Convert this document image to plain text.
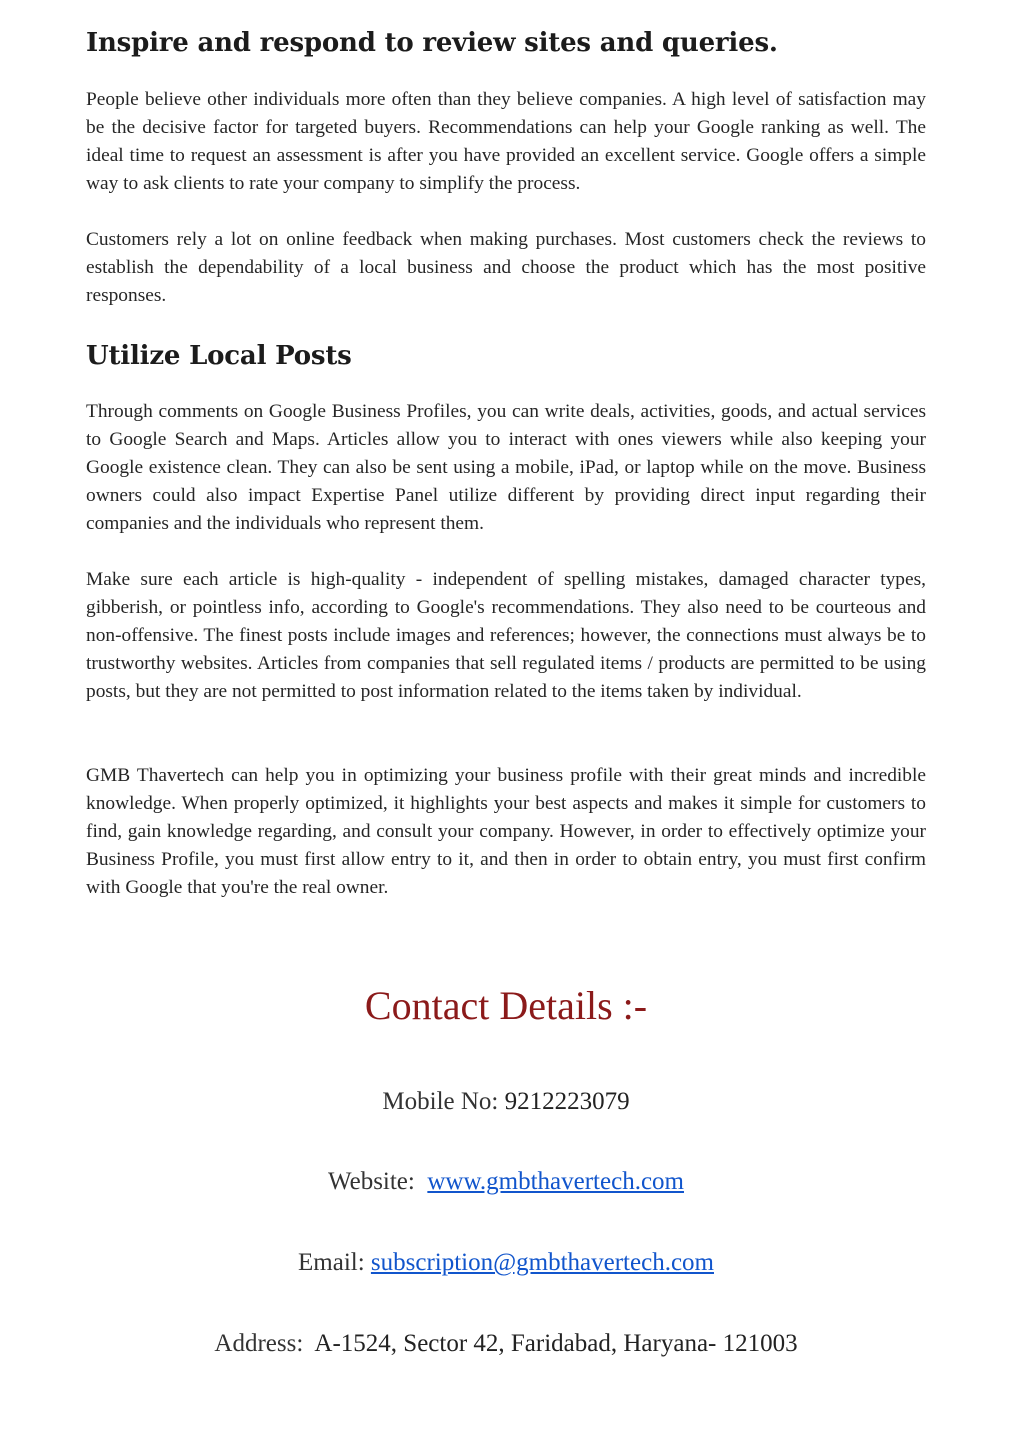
Inspire and respond to review sites and queries.

People believe other individuals more often than they believe companies. A high level of satisfaction may be the decisive factor for targeted buyers. Recommendations can help your Google ranking as well. The ideal time to request an assessment is after you have provided an excellent service. Google offers a simple way to ask clients to rate your company to simplify the process.

Customers rely a lot on online feedback when making purchases. Most customers check the reviews to establish the dependability of a local business and choose the product which has the most positive responses.

Utilize Local Posts

Through comments on Google Business Profiles, you can write deals, activities, goods, and actual services to Google Search and Maps. Articles allow you to interact with ones viewers while also keeping your Google existence clean. They can also be sent using a mobile, iPad, or laptop while on the move. Business owners could also impact Expertise Panel utilize different by providing direct input regarding their companies and the individuals who represent them.

Make sure each article is high-quality - independent of spelling mistakes, damaged character types, gibberish, or pointless info, according to Google's recommendations. They also need to be courteous and non-offensive. The finest posts include images and references; however, the connections must always be to trustworthy websites. Articles from companies that sell regulated items / products are permitted to be using posts, but they are not permitted to post information related to the items taken by individual.

GMB Thavertech can help you in optimizing your business profile with their great minds and incredible knowledge. When properly optimized, it highlights your best aspects and makes it simple for customers to find, gain knowledge regarding, and consult your company. However, in order to effectively optimize your Business Profile, you must first allow entry to it, and then in order to obtain entry, you must first confirm with Google that you're the real owner.

Contact Details :-
Mobile No: 9212223079
Website: www.gmbthavertech.com
Email: subscription@gmbthavertech.com
Address: A-1524, Sector 42, Faridabad, Haryana- 121003
